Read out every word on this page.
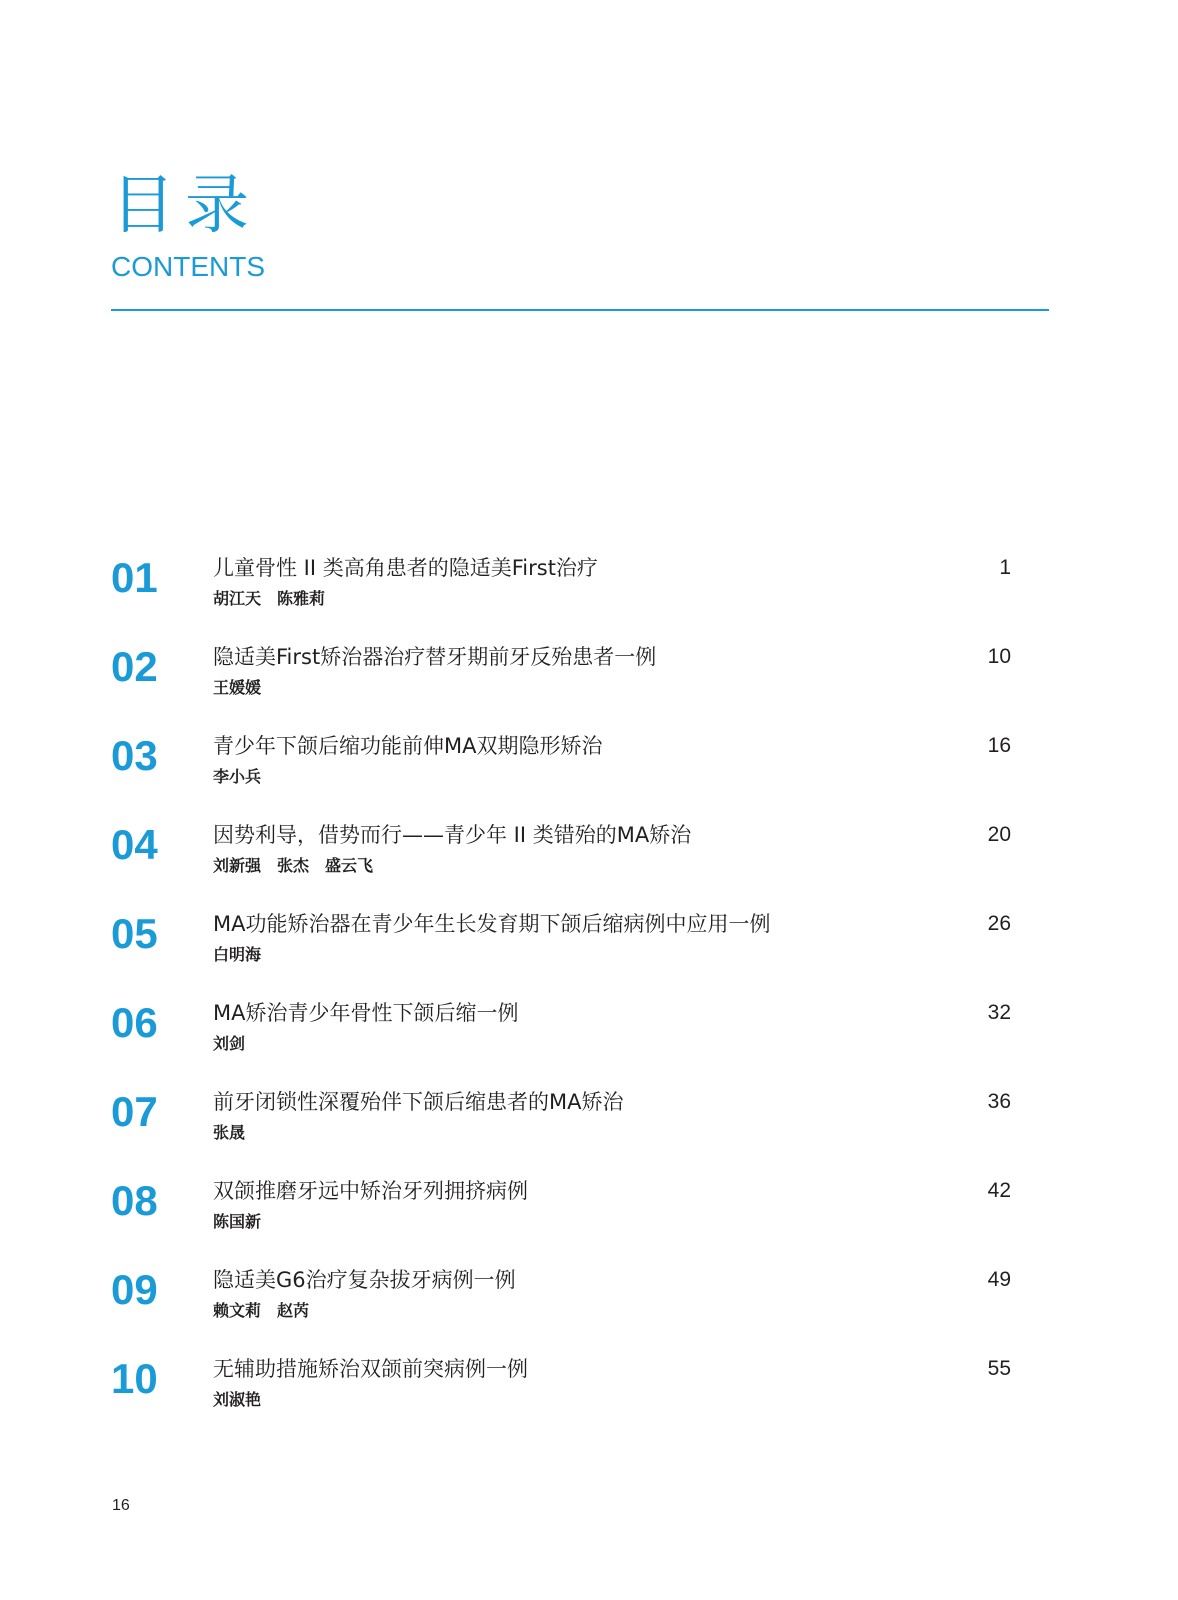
目录
CONTENTS
01	儿童骨性 II 类高角患者的隐适美First治疗
胡江天 陈雅莉
1
02	隐适美First矫治器治疗替牙期前牙反殆患者一例
王媛媛
10
03	青少年下颌后缩功能前伸MA双期隐形矫治
李小兵
16
04	因势利导，借势而行——青少年 II 类错殆的MA矫治
刘新强 张杰 盛云飞
20
05	MA功能矫治器在青少年生长发育期下颌后缩病例中应用一例
白明海
26
06	MA矫治青少年骨性下颌后缩一例
刘剑
32
07	前牙闭锁性深覆殆伴下颌后缩患者的MA矫治
张晟
36
08	双颌推磨牙远中矫治牙列拥挤病例
陈国新
42
09	隐适美G6治疗复杂拔牙病例一例
赖文莉 赵芮
49
10	无辅助措施矫治双颌前突病例一例
刘淑艳
55
16
